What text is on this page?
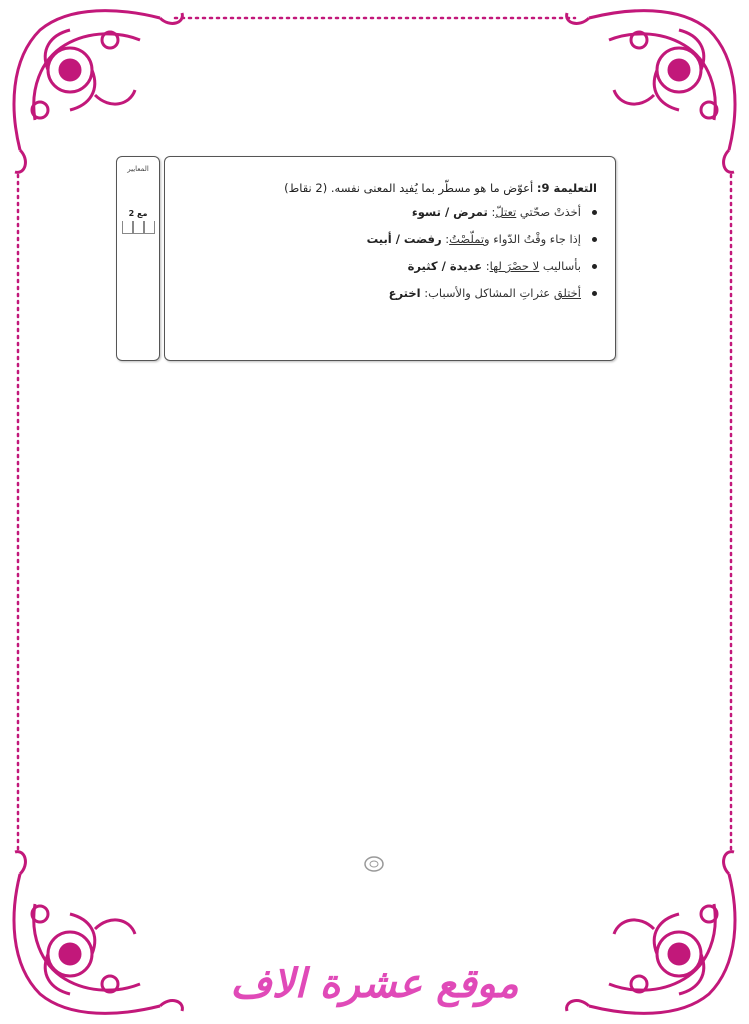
المعايير
مع 2

التعليمة 9: أعوّض ما هو مسطّر بما يُفيد المعنى نفسه. (2 نقاط)

أخذتْ صحّتي تعتلّ: تمرض / تسوء
إذا جاء وقْتُ الدّواء وتملّصْتُ: رفضت / أبيت
بأساليب لا حصْرَ لها: عديدة / كثيرة
أختلق عثراتِ المشاكل والأسباب: اخترع
موقع عشرة الاف
